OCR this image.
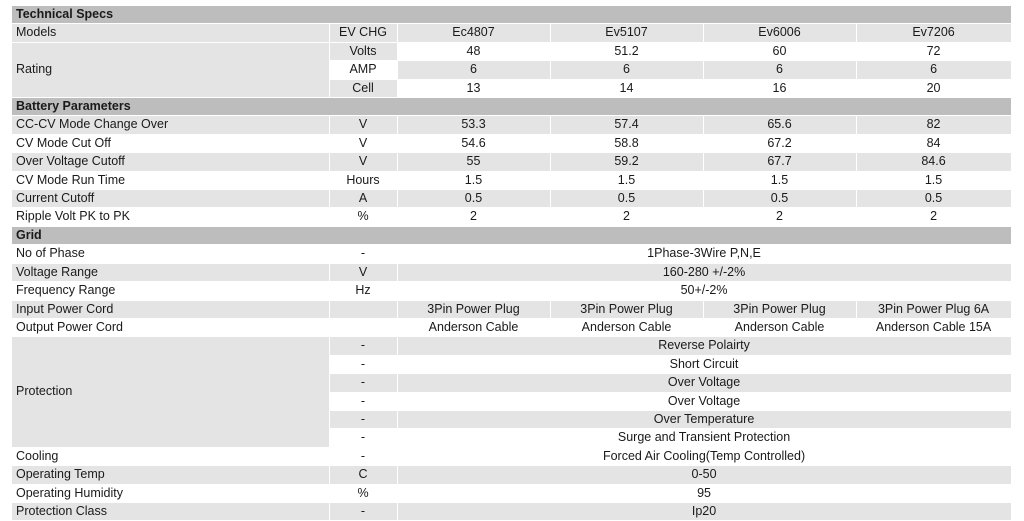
Technical Specs					
Models	EV CHG	Ec4807	Ev5107	Ev6006	Ev7206
Rating	Volts	48	51.2	60	72
	AMP	6	6	6	6
	Cell	13	14	16	20
Battery Parameters					
CC-CV Mode Change Over	V	53.3	57.4	65.6	82
CV Mode Cut Off	V	54.6	58.8	67.2	84
Over Voltage Cutoff	V	55	59.2	67.7	84.6
CV Mode Run Time	Hours	1.5	1.5	1.5	1.5
Current Cutoff	A	0.5	0.5	0.5	0.5
Ripple Volt PK to PK	%	2	2	2	2
Grid					
No of Phase	-	1Phase-3Wire P,N,E			
Voltage Range	V	160-280 +/-2%			
Frequency Range	Hz	50+/-2%			
Input Power Cord		3Pin Power Plug	3Pin Power Plug	3Pin Power Plug	3Pin Power Plug 6A
Output Power Cord		Anderson Cable	Anderson Cable	Anderson Cable	Anderson Cable 15A
Protection	-	Reverse Polairty			
	-	Short Circuit			
	-	Over Voltage			
	-	Over Voltage			
	-	Over Temperature			
	-	Surge and Transient Protection			
Cooling	-	Forced Air Cooling(Temp Controlled)			
Operating Temp	C	0-50			
Operating Humidity	%	95			
Protection Class	-	Ip20			
